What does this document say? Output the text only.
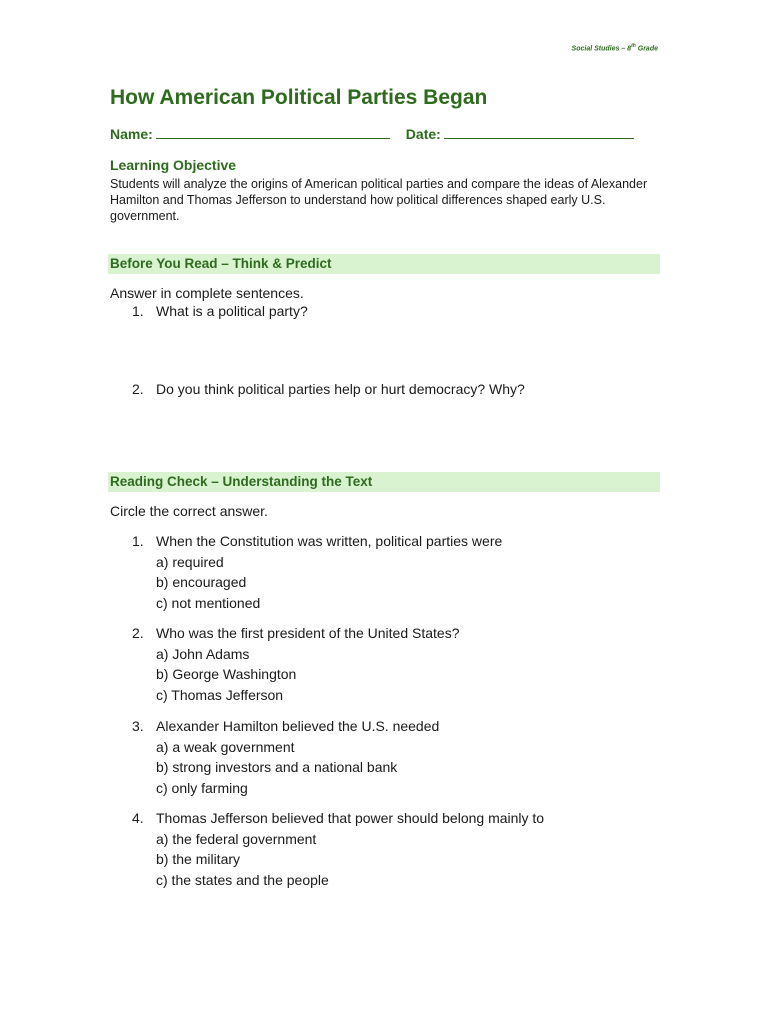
Social Studies – 8th Grade
How American Political Parties Began
Name:	Date:
Learning Objective
Students will analyze the origins of American political parties and compare the ideas of Alexander Hamilton and Thomas Jefferson to understand how political differences shaped early U.S. government.
Before You Read – Think & Predict
Answer in complete sentences.
1. What is a political party?
2. Do you think political parties help or hurt democracy? Why?
Reading Check – Understanding the Text
Circle the correct answer.
1. When the Constitution was written, political parties were
a) required
b) encouraged
c) not mentioned
2. Who was the first president of the United States?
a) John Adams
b) George Washington
c) Thomas Jefferson
3. Alexander Hamilton believed the U.S. needed
a) a weak government
b) strong investors and a national bank
c) only farming
4. Thomas Jefferson believed that power should belong mainly to
a) the federal government
b) the military
c) the states and the people
